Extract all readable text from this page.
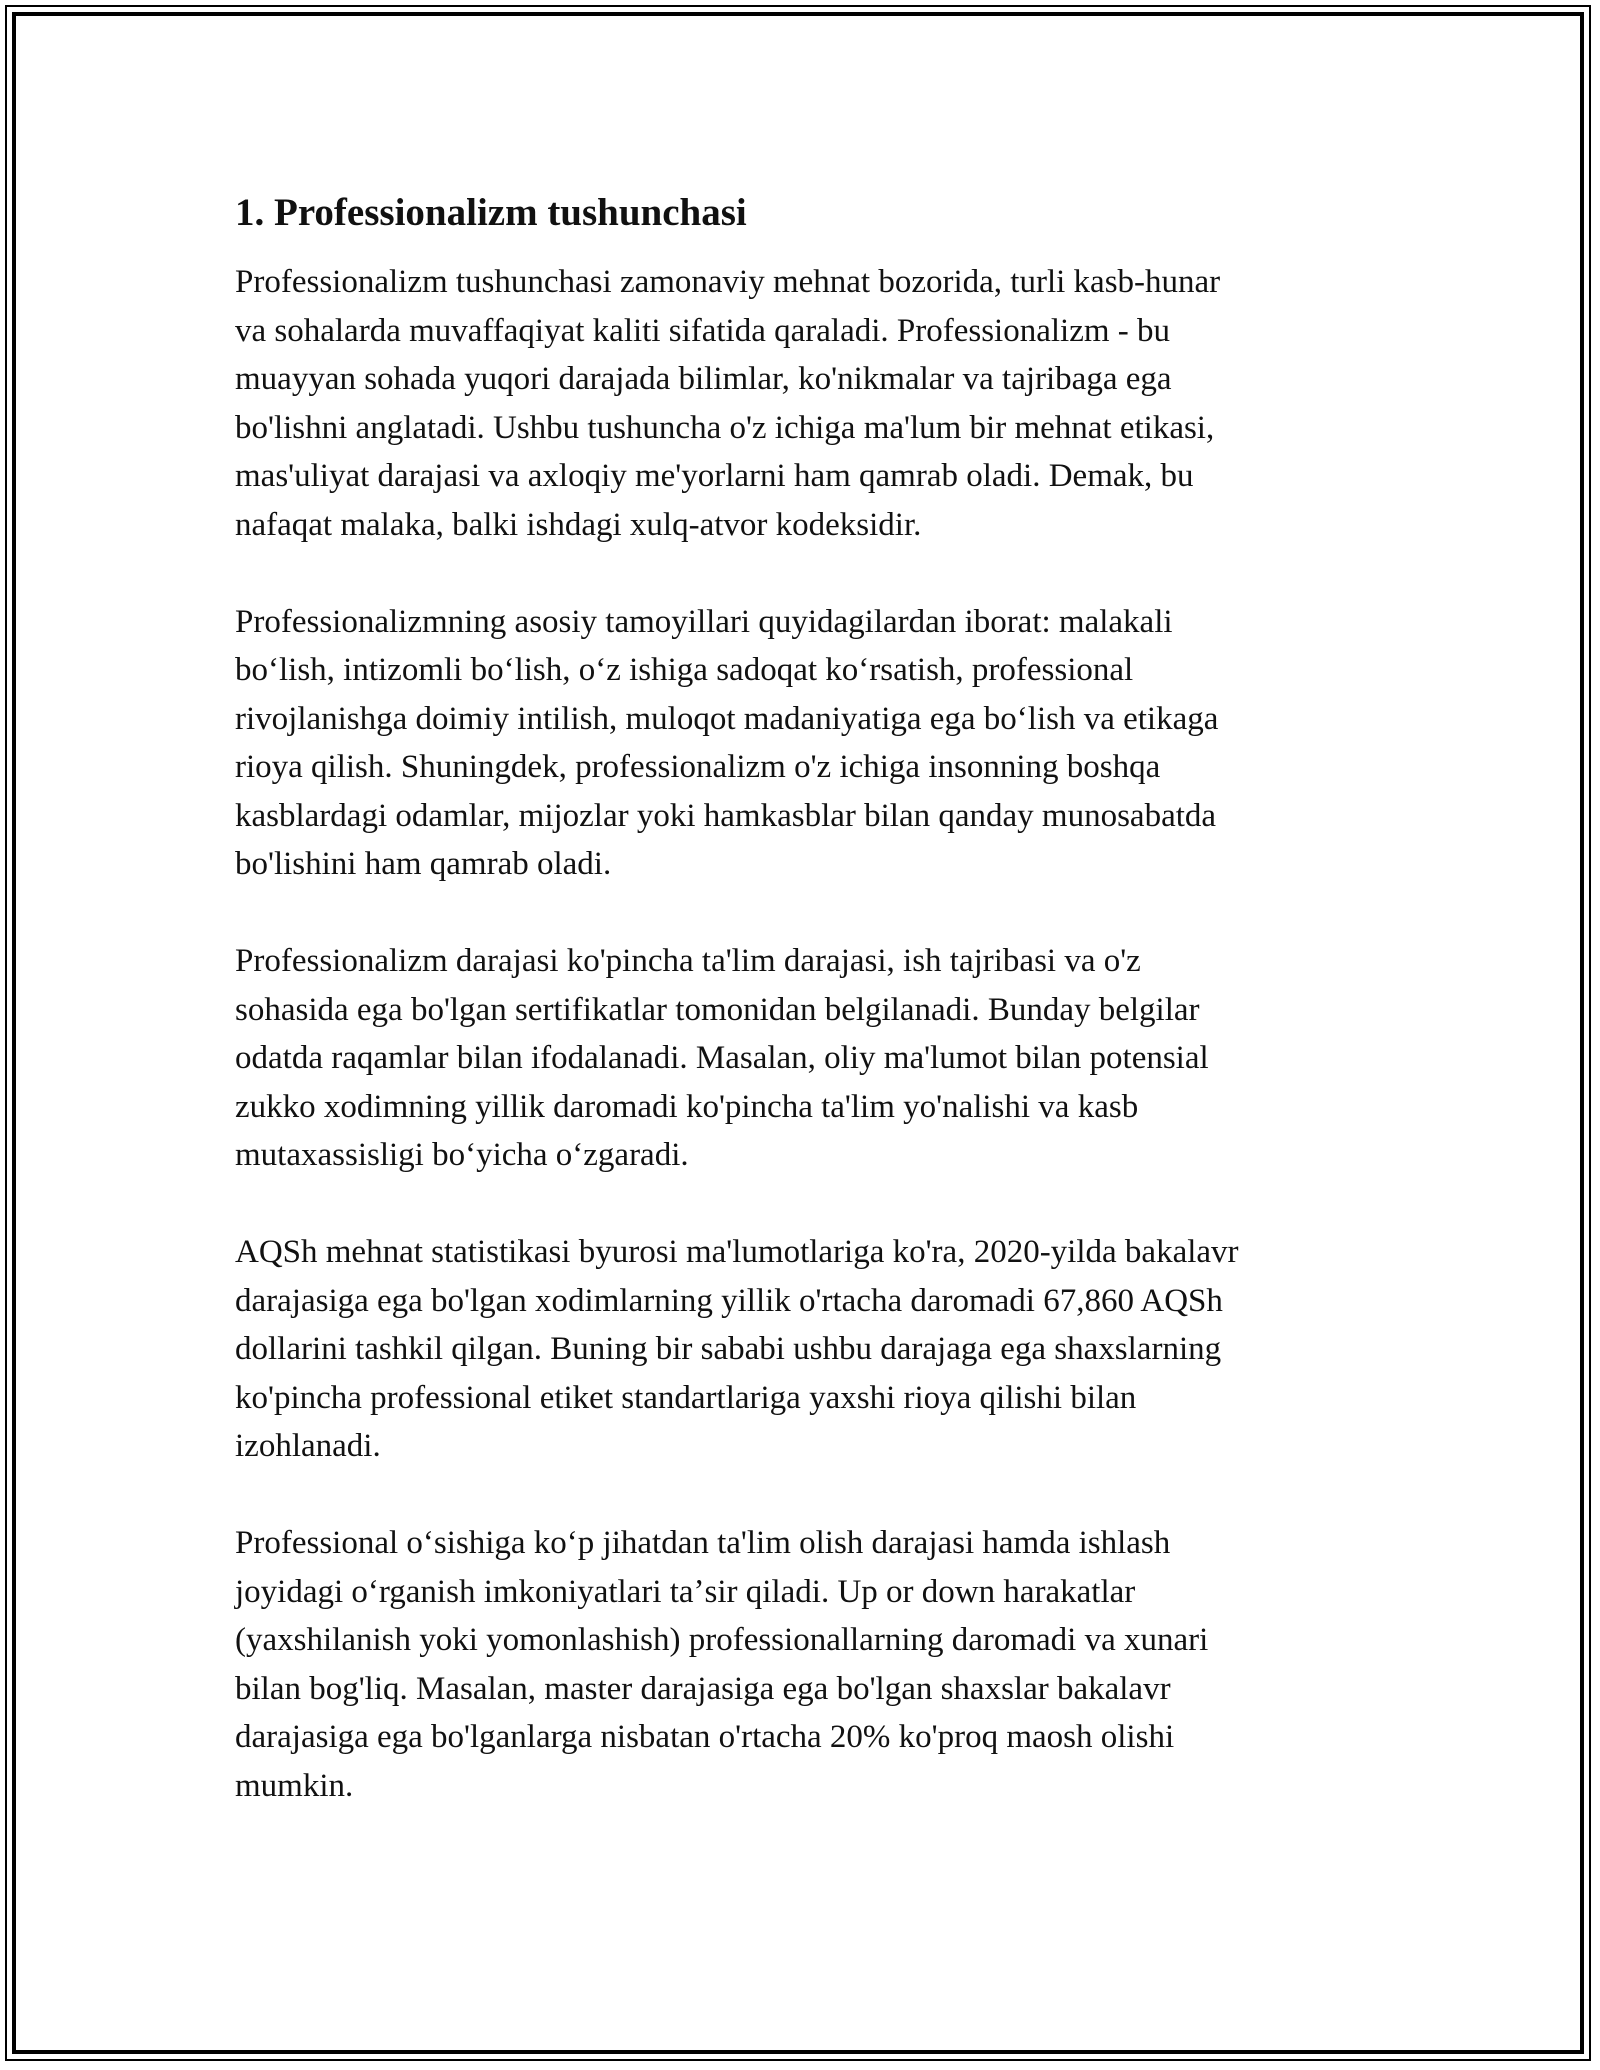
1. Professionalizm tushunchasi

Professionalizm tushunchasi zamonaviy mehnat bozorida, turli kasb-hunar
va sohalarda muvaffaqiyat kaliti sifatida qaraladi. Professionalizm - bu
muayyan sohada yuqori darajada bilimlar, ko'nikmalar va tajribaga ega
bo'lishni anglatadi. Ushbu tushuncha o'z ichiga ma'lum bir mehnat etikasi,
mas'uliyat darajasi va axloqiy me'yorlarni ham qamrab oladi. Demak, bu
nafaqat malaka, balki ishdagi xulq-atvor kodeksidir.

Professionalizmning asosiy tamoyillari quyidagilardan iborat: malakali
boʻlish, intizomli boʻlish, oʻz ishiga sadoqat koʻrsatish, professional
rivojlanishga doimiy intilish, muloqot madaniyatiga ega boʻlish va etikaga
rioya qilish. Shuningdek, professionalizm o'z ichiga insonning boshqa
kasblardagi odamlar, mijozlar yoki hamkasblar bilan qanday munosabatda
bo'lishini ham qamrab oladi.

Professionalizm darajasi ko'pincha ta'lim darajasi, ish tajribasi va o'z
sohasida ega bo'lgan sertifikatlar tomonidan belgilanadi. Bunday belgilar
odatda raqamlar bilan ifodalanadi. Masalan, oliy ma'lumot bilan potensial
zukko xodimning yillik daromadi ko'pincha ta'lim yo'nalishi va kasb
mutaxassisligi boʻyicha oʻzgaradi.

AQSh mehnat statistikasi byurosi ma'lumotlariga ko'ra, 2020-yilda bakalavr
darajasiga ega bo'lgan xodimlarning yillik o'rtacha daromadi 67,860 AQSh
dollarini tashkil qilgan. Buning bir sababi ushbu darajaga ega shaxslarning
ko'pincha professional etiket standartlariga yaxshi rioya qilishi bilan
izohlanadi.

Professional oʻsishiga koʻp jihatdan ta'lim olish darajasi hamda ishlash
joyidagi oʻrganish imkoniyatlari taʼsir qiladi. Up or down harakatlar
(yaxshilanish yoki yomonlashish) professionallarning daromadi va xunari
bilan bog'liq. Masalan, master darajasiga ega bo'lgan shaxslar bakalavr
darajasiga ega bo'lganlarga nisbatan o'rtacha 20% ko'proq maosh olishi
mumkin.
